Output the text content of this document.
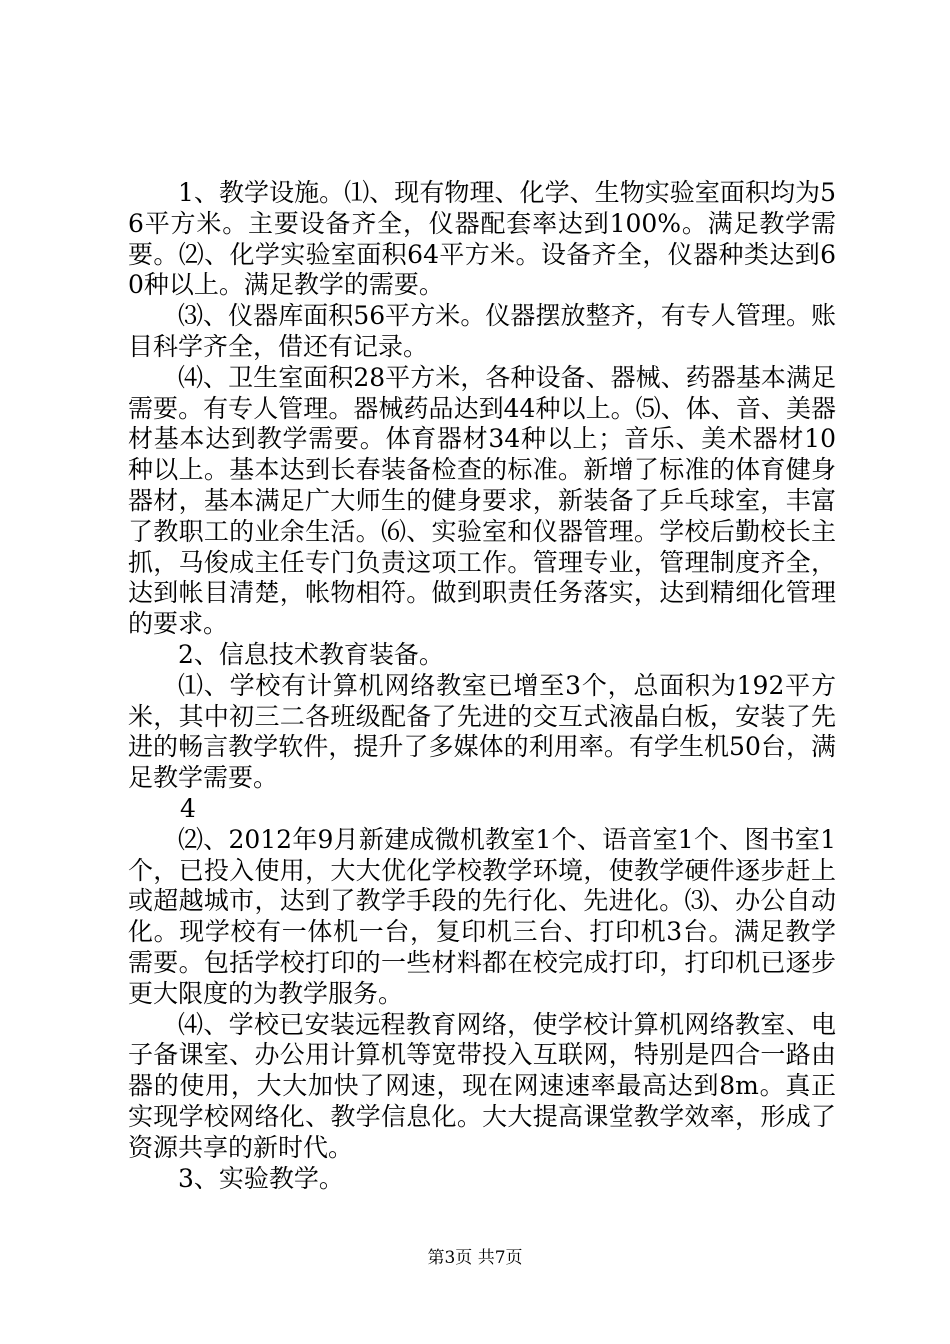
1、教学设施。⑴、现有物理、化学、生物实验室面积均为56平方米。主要设备齐全，仪器配套率达到100%。满足教学需要。⑵、化学实验室面积64平方米。设备齐全，仪器种类达到60种以上。满足教学的需要。

⑶、仪器库面积56平方米。仪器摆放整齐，有专人管理。账目科学齐全，借还有记录。

⑷、卫生室面积28平方米，各种设备、器械、药器基本满足需要。有专人管理。器械药品达到44种以上。⑸、体、音、美器材基本达到教学需要。体育器材34种以上；音乐、美术器材10种以上。基本达到长春装备检查的标准。新增了标准的体育健身器材，基本满足广大师生的健身要求，新装备了乒乓球室，丰富了教职工的业余生活。⑹、实验室和仪器管理。学校后勤校长主抓，马俊成主任专门负责这项工作。管理专业，管理制度齐全，达到帐目清楚，帐物相符。做到职责任务落实，达到精细化管理的要求。

2、信息技术教育装备。

⑴、学校有计算机网络教室已增至3个，总面积为192平方米，其中初三二各班级配备了先进的交互式液晶白板，安装了先进的畅言教学软件，提升了多媒体的利用率。有学生机50台，满足教学需要。

4

⑵、2012年9月新建成微机教室1个、语音室1个、图书室1个，已投入使用，大大优化学校教学环境，使教学硬件逐步赶上或超越城市，达到了教学手段的先行化、先进化。⑶、办公自动化。现学校有一体机一台，复印机三台、打印机3台。满足教学需要。包括学校打印的一些材料都在校完成打印，打印机已逐步更大限度的为教学服务。

⑷、学校已安装远程教育网络，使学校计算机网络教室、电子备课室、办公用计算机等宽带投入互联网，特别是四合一路由器的使用，大大加快了网速，现在网速速率最高达到8m。真正实现学校网络化、教学信息化。大大提高课堂教学效率，形成了资源共享的新时代。

3、实验教学。

第3页 共7页
